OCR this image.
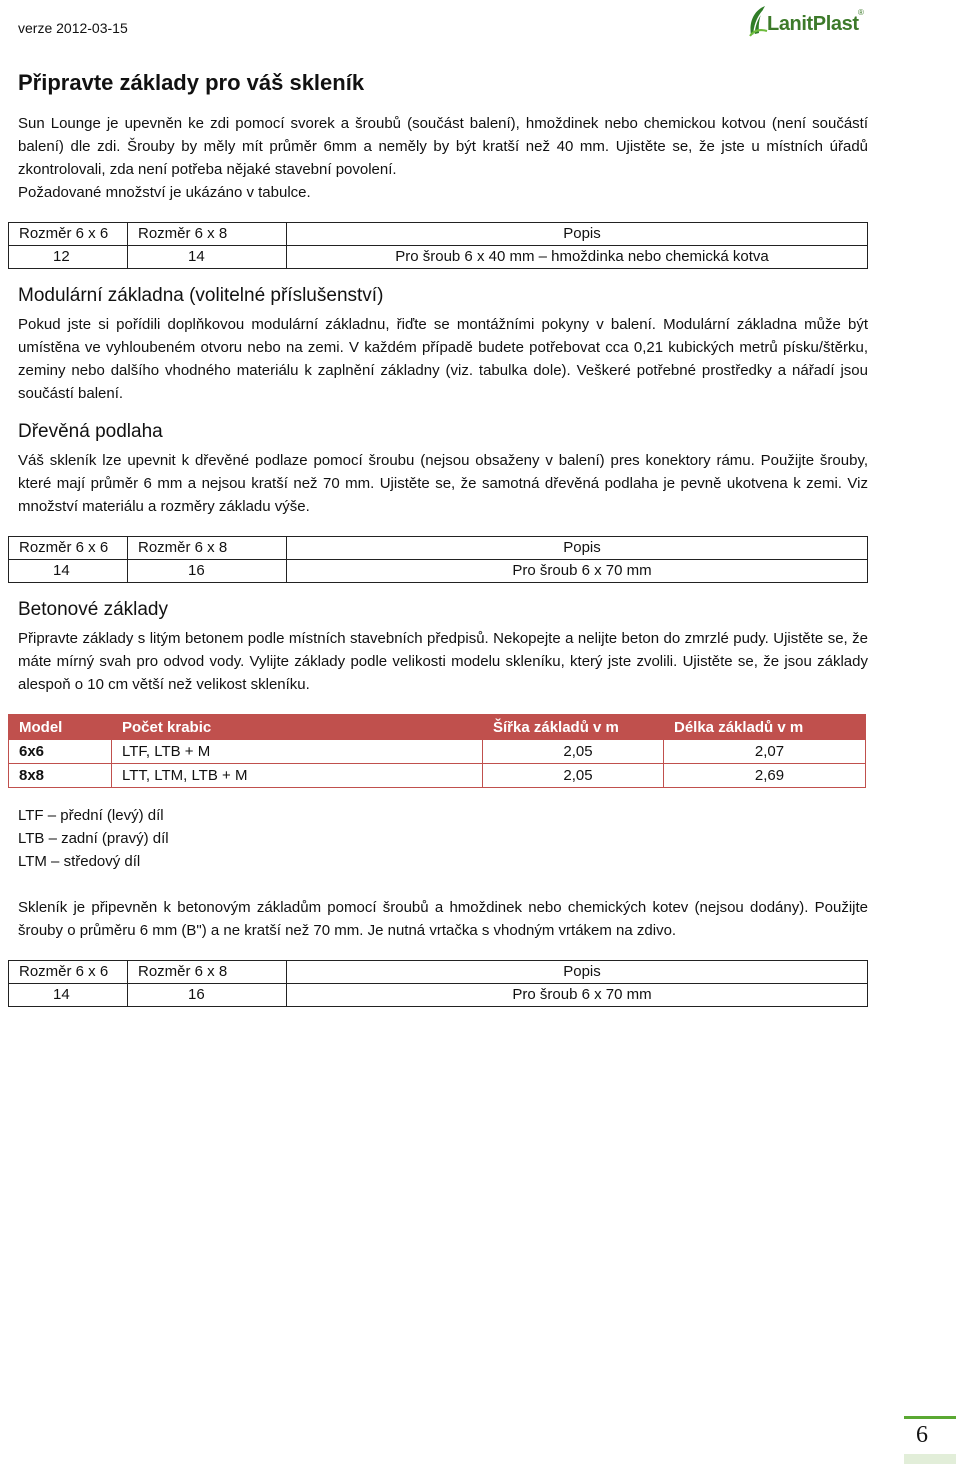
verze 2012-03-15	LanitPlast
®
Připravte základy pro váš skleník

Sun Lounge je upevněn ke zdi pomocí svorek a šroubů (součást balení), hmoždinek nebo chemickou kotvou (není součástí balení) dle zdi. Šrouby by měly mít průměr 6mm a neměly by být kratší než 40 mm. Ujistěte se, že jste u místních úřadů zkontrolovali, zda není potřeba nějaké stavební povolení.

Požadované množství je ukázáno v tabulce.

Rozměr 6 x 6	Rozměr 6 x 8	Popis
12	14	Pro šroub 6 x 40 mm – hmoždinka nebo chemická kotva
Modulární základna (volitelné příslušenství)

Pokud jste si pořídili doplňkovou modulární základnu, řiďte se montážními pokyny v balení. Modulární základna může být umístěna ve vyhloubeném otvoru nebo na zemi. V každém případě budete potřebovat cca 0,21 kubických metrů písku/štěrku, zeminy nebo dalšího vhodného materiálu k zaplnění základny (viz. tabulka dole). Veškeré potřebné prostředky a nářadí jsou součástí balení.

Dřevěná podlaha

Váš skleník lze upevnit k dřevěné podlaze pomocí šroubu (nejsou obsaženy v balení) pres konektory rámu. Použijte šrouby, které mají průměr 6 mm a nejsou kratší než 70 mm. Ujistěte se, že samotná dřevěná podlaha je pevně ukotvena k zemi. Viz množství materiálu a rozměry základu výše.

Rozměr 6 x 6	Rozměr 6 x 8	Popis
14	16	Pro šroub 6 x 70 mm
Betonové základy

Připravte základy s litým betonem podle místních stavebních předpisů. Nekopejte a nelijte beton do zmrzlé pudy. Ujistěte se, že máte mírný svah pro odvod vody. Vylijte základy podle velikosti modelu skleníku, který jste zvolili. Ujistěte se, že jsou základy alespoň o 10 cm větší než velikost skleníku.

Model	Počet krabic	Šířka základů v m	Délka základů v m
6x6	LTF, LTB + M	2,05	2,07
8x8	LTT, LTM, LTB + M	2,05	2,69

LTF – přední (levý) díl

LTB – zadní (pravý) díl

LTM – středový díl

Skleník je připevněn k betonovým základům pomocí šroubů a hmoždinek nebo chemických kotev (nejsou dodány). Použijte šrouby o průměru 6 mm (B") a ne kratší než 70 mm. Je nutná vrtačka s vhodným vrtákem na zdivo.

Rozměr 6 x 6	Rozměr 6 x 8	Popis
14	16	Pro šroub 6 x 70 mm
6
